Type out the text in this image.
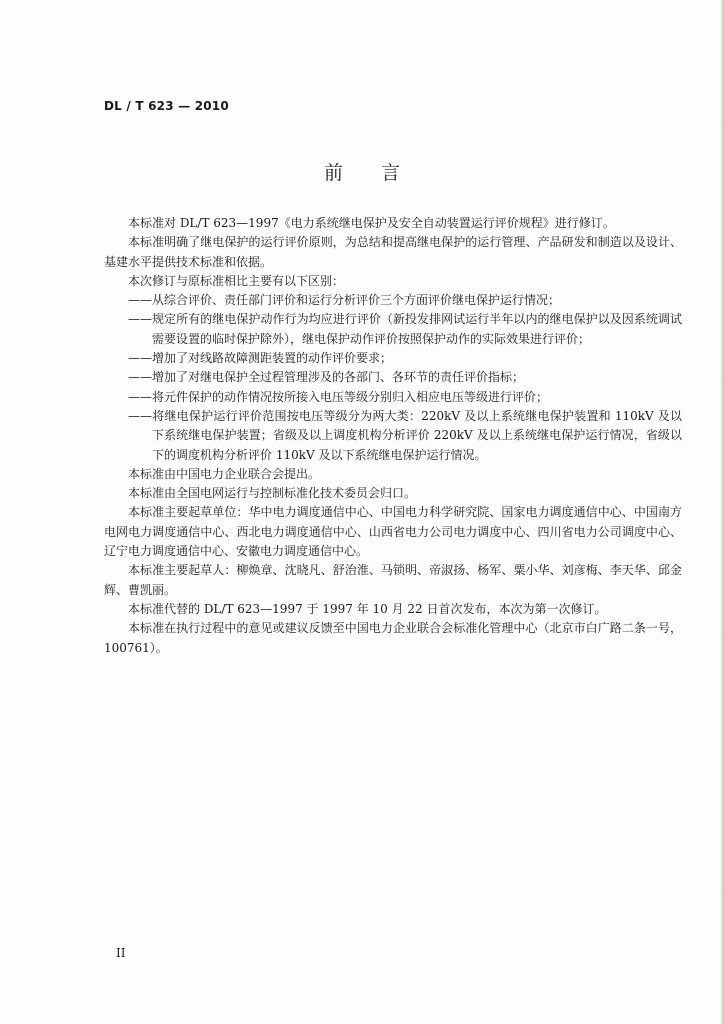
DL / T 623 — 2010
前言

本标准对 DL/T 623—1997《电力系统继电保护及安全自动装置运行评价规程》进行修订。

本标准明确了继电保护的运行评价原则，为总结和提高继电保护的运行管理、产品研发和制造以及设计、基建水平提供技术标准和依据。

本次修订与原标准相比主要有以下区别：

——从综合评价、责任部门评价和运行分析评价三个方面评价继电保护运行情况；

——规定所有的继电保护动作行为均应进行评价（新投发排网试运行半年以内的继电保护以及因系统调试需要设置的临时保护除外），继电保护动作评价按照保护动作的实际效果进行评价；

——增加了对线路故障测距装置的动作评价要求；

——增加了对继电保护全过程管理涉及的各部门、各环节的责任评价指标；

——将元件保护的动作情况按所接入电压等级分别归入相应电压等级进行评价；

——将继电保护运行评价范围按电压等级分为两大类：220kV 及以上系统继电保护装置和 110kV 及以下系统继电保护装置；省级及以上调度机构分析评价 220kV 及以上系统继电保护运行情况，省级以下的调度机构分析评价 110kV 及以下系统继电保护运行情况。

本标准由中国电力企业联合会提出。

本标准由全国电网运行与控制标准化技术委员会归口。

本标准主要起草单位：华中电力调度通信中心、中国电力科学研究院、国家电力调度通信中心、中国南方电网电力调度通信中心、西北电力调度通信中心、山西省电力公司电力调度中心、四川省电力公司调度中心、辽宁电力调度通信中心、安徽电力调度通信中心。

本标准主要起草人：柳焕章、沈晓凡、舒治淮、马锁明、帝淑扬、杨军、粟小华、刘彦梅、李天华、邱金辉、曹凯丽。

本标准代替的 DL/T 623—1997 于 1997 年 10 月 22 日首次发布，本次为第一次修订。

本标准在执行过程中的意见或建议反馈至中国电力企业联合会标准化管理中心（北京市白广路二条一号，100761）。

II
